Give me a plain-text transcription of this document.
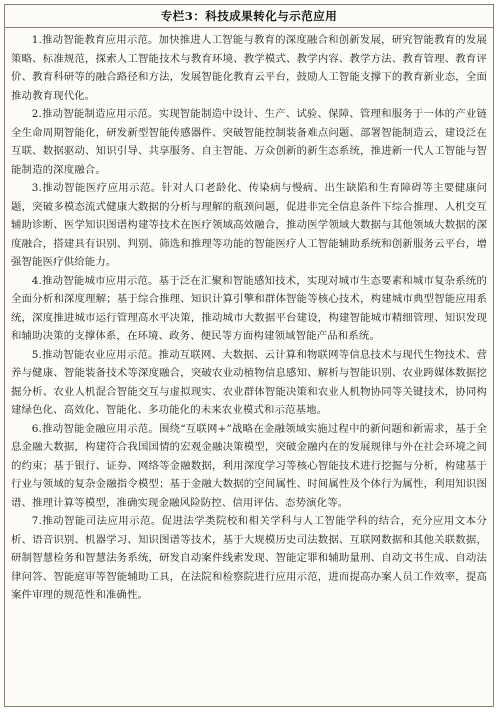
专栏3：科技成果转化与示范应用

1.推动智能教育应用示范。加快推进人工智能与教育的深度融合和创新发展，研究智能教育的发展策略、标准规范，探索人工智能技术与教育环境、教学模式、教学内容、教学方法、教育管理、教育评价、教育科研等的融合路径和方法，发展智能化教育云平台，鼓励人工智能支撑下的教育新业态，全面推动教育现代化。

2.推动智能制造应用示范。实现智能制造中设计、生产、试验、保障、管理和服务于一体的产业链全生命周期智能化，研发新型智能传感器件、突破智能控制装备难点问题、部署智能制造云，建设泛在互联、数据驱动、知识引导、共享服务、自主智能、万众创新的新生态系统，推进新一代人工智能与智能制造的深度融合。

3.推动智能医疗应用示范。针对人口老龄化、传染病与慢病、出生缺陷和生育障碍等主要健康问题，突破多模态流式健康大数据的分析与理解的瓶颈问题，促进非完全信息条件下综合推理、人机交互辅助诊断、医学知识图谱构建等技术在医疗领域高效融合，推动医学领域大数据与其他领域大数据的深度融合，搭建具有识别、判别、筛选和推理等功能的智能医疗人工智能辅助系统和创新服务云平台，增强智能医疗供给能力。

4.推动智能城市应用示范。基于泛在汇聚和智能感知技术，实现对城市生态要素和城市复杂系统的全面分析和深度理解；基于综合推理、知识计算引擎和群体智能等核心技术，构建城市典型智能应用系统，深度推进城市运行管理高水平决策，推动城市大数据平台建设，构建智能城市精细管理、知识发现和辅助决策的支撑体系，在环境、政务、便民等方面构建领域智能产品和系统。

5.推动智能农业应用示范。推动互联网、大数据、云计算和物联网等信息技术与现代生物技术、营养与健康、智能装备技术等深度融合，突破农业动植物信息感知、解析与智能识别、农业跨媒体数据挖掘分析、农业人机混合智能交互与虚拟现实、农业群体智能决策和农业人机物协同等关键技术，协同构建绿色化、高效化、智能化、多功能化的未来农业模式和示范基地。

6.推动智能金融应用示范。围绕“互联网+”战略在金融领域实施过程中的新问题和新需求，基于全息金融大数据，构建符合我国国情的宏观金融决策模型，突破金融内在的发展规律与外在社会环境之间的约束；基于银行、证券、网络等金融数据，利用深度学习等核心智能技术进行挖掘与分析，构建基于行业与领域的复杂金融指令模型；基于金融大数据的空间属性、时间属性及个体行为属性，利用知识图谱、推理计算等模型，准确实现金融风险防控、信用评估、态势演化等。

7.推动智能司法应用示范。促进法学类院校和相关学科与人工智能学科的结合，充分应用文本分析、语音识别、机器学习、知识图谱等技术，基于大规模历史司法数据、互联网数据和其他关联数据，研制智慧检务和智慧法务系统，研发自动案件线索发现、智能定罪和辅助量刑、自动文书生成、自动法律问答、智能庭审等智能辅助工具，在法院和检察院进行应用示范，进而提高办案人员工作效率，提高案件审理的规范性和准确性。
